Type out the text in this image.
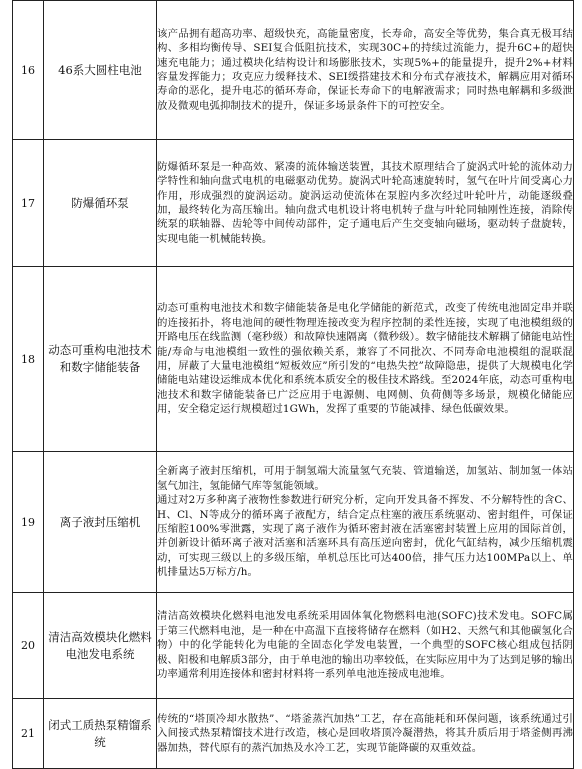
16	46系大圆柱电池	该产品拥有超高功率、超级快充，高能量密度，长寿命，高安全等优势，集合真无极耳结构、多相均衡传导、SEI复合低阻抗技术，实现30C+的持续过流能力，提升6C+的超快速充电能力；通过模块化结构设计和场膨胀技术，实现5%+的能量提升，提升2%+材料容量发挥能力；攻克应力缓释技术、SEI缓搭建技术和分布式存液技术，解耦应用对循环寿命的恶化，提升电芯的循环寿命，保证长寿命下的电解液需求；同时热电解耦和多级泄放及微观电弧抑制技术的提升，保证多场景条件下的可控安全。

17	防爆循环泵	防爆循环泵是一种高效、紧凑的流体输送装置，其技术原理结合了旋涡式叶轮的流体动力学特性和轴向盘式电机的电磁驱动优势。旋涡式叶轮高速旋转时，氢气在叶片间受离心力作用，形成强烈的旋涡运动。旋涡运动使流体在泵腔内多次经过叶轮叶片，动能逐级叠加，最终转化为高压输出。轴向盘式电机设计将电机转子盘与叶轮同轴刚性连接，消除传统泵的联轴器、齿轮等中间传动部件，定子通电后产生交变轴向磁场，驱动转子盘旋转，实现电能一机械能转换。

18	动态可重构电池技术和数字储能装备	动态可重构电池技术和数字储能装备是电化学储能的新范式，改变了传统电池固定串并联的连接拓扑，将电池间的硬性物理连接改变为程序控制的柔性连接，实现了电池模组级的开路电压在线监测（毫秒级）和故障快速隔离（微秒级）。数字储能技术解耦了储能电站性能/寿命与电池模组一致性的强依赖关系，兼容了不同批次、不同寿命电池模组的混联混用，屏蔽了大量电池模组“短板效应”所引发的“电热失控”故障隐患，提供了大规模电化学储能电站建设运维成本优化和系统本质安全的极佳技术路线。至2024年底，动态可重构电池技术和数字储能装备已广泛应用于电源侧、电网侧、负荷侧等多场景，规模化储能应用，安全稳定运行规模超过1GWh，发挥了重要的节能减排、绿色低碳效果。

19	离子液封压缩机	全新离子液封压缩机，可用于制氢端大流量氢气充装、管道输送，加氢站、制加氢一体站氢气加注，氢能储气库等氢能领域。
通过对2万多种离子液物性参数进行研究分析，定向开发具备不挥发、不分解特性的含C、H、Cl、N等成分的循环离子液配方，结合定点柱塞的液压系统驱动、密封组件，可保证压缩腔100%零泄露，实现了离子液作为循环密封液在活塞密封装置上应用的国际首创，并创新设计循环离子液对活塞和活塞环具有高压逆向密封，优化气缸结构，减少压缩机震动，可实现三级以上的多级压缩，单机总压比可达400倍，排气压力达100MPa以上、单机排量达5万标方/h。

20	清洁高效模块化燃料电池发电系统	清洁高效模块化燃料电池发电系统采用固体氧化物燃料电池(SOFC)技术发电。SOFC属于第三代燃料电池，是一种在中高温下直接将储存在燃料（如H2、天然气和其他碳氢化合物）中的化学能转化为电能的全固态化学发电装置，一个典型的SOFC核心组成包括阴极、阳极和电解质3部分，由于单电池的输出功率较低，在实际应用中为了达到足够的输出功率通常利用连接体和密封材料将一系列单电池连接成电池堆。

21	闭式工质热泵精馏系统	传统的“塔顶冷却水散热”、“塔釜蒸汽加热”工艺，存在高能耗和环保问题，该系统通过引入间接式热泵精馏技术进行改造，核心是回收塔顶冷凝潜热，将其升质后用于塔釜侧再沸器加热，替代原有的蒸汽加热及水冷工艺，实现节能降碳的双重效益。
